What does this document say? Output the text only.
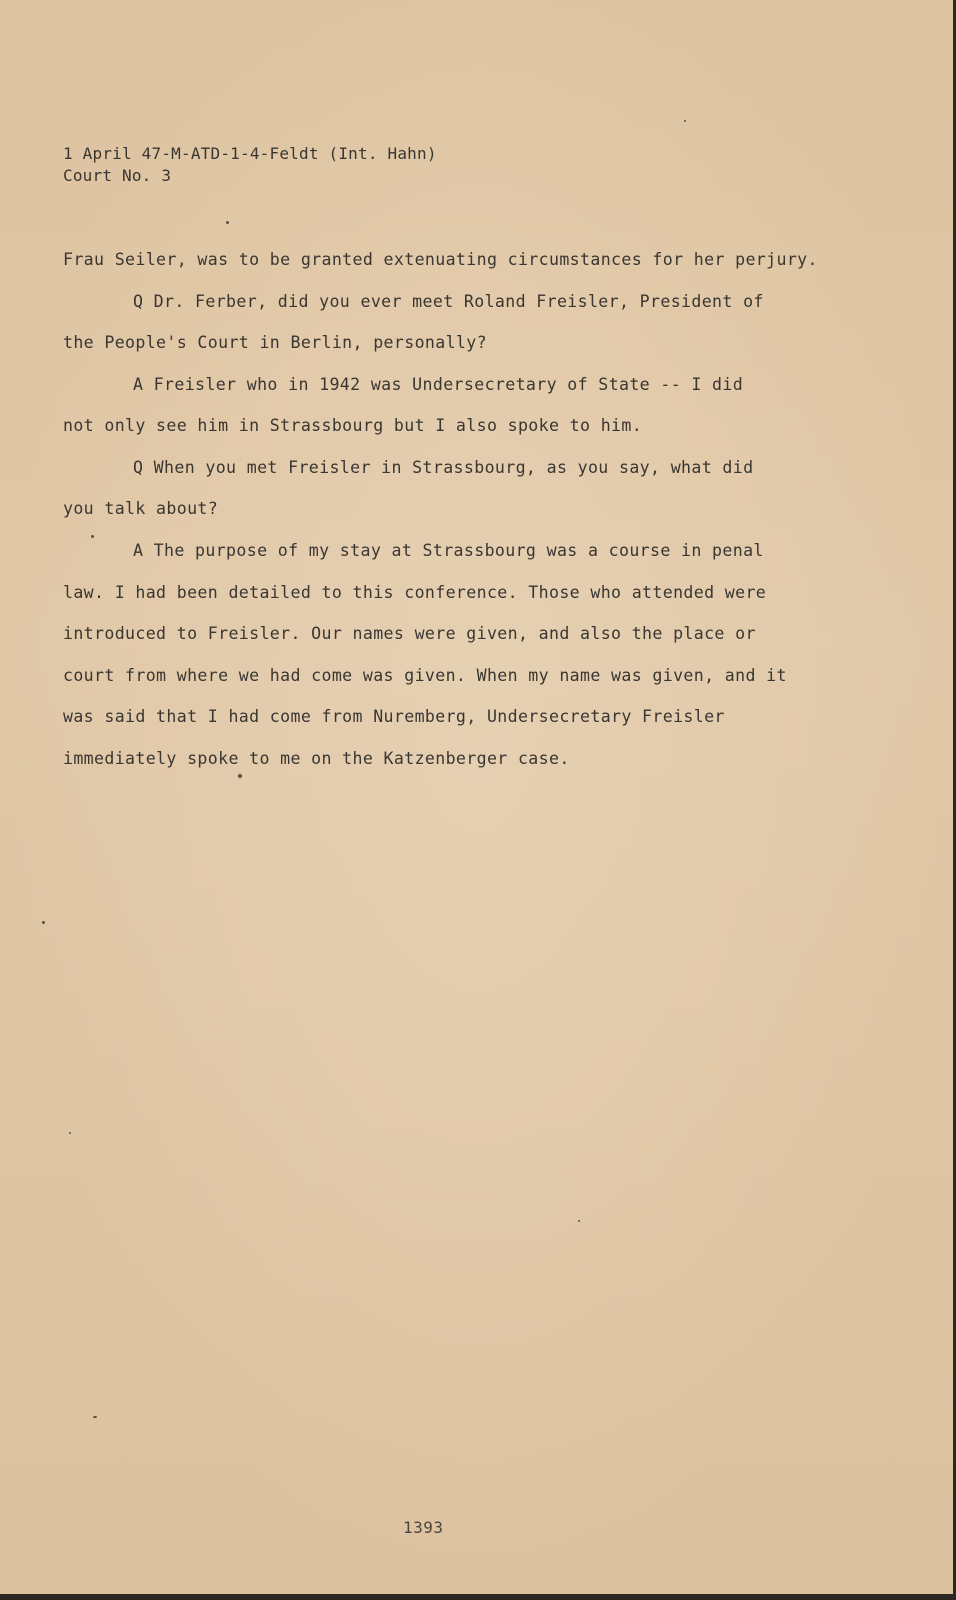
1 April 47-M-ATD-1-4-Feldt (Int. Hahn)
Court No. 3
Frau Seiler, was to be granted extenuating circumstances for her perjury.
Q Dr. Ferber, did you ever meet Roland Freisler, President of
the People's Court in Berlin, personally?
A Freisler who in 1942 was Undersecretary of State -- I did
not only see him in Strassbourg but I also spoke to him.
Q When you met Freisler in Strassbourg, as you say, what did
you talk about?
A The purpose of my stay at Strassbourg was a course in penal
law. I had been detailed to this conference. Those who attended were
introduced to Freisler. Our names were given, and also the place or
court from where we had come was given. When my name was given, and it
was said that I had come from Nuremberg, Undersecretary Freisler
immediately spoke to me on the Katzenberger case.
1393
